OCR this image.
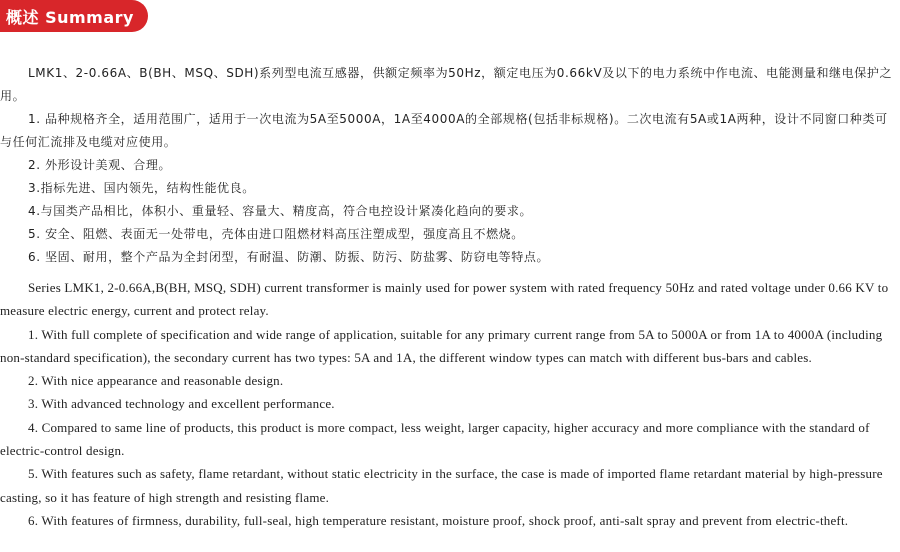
概述 Summary

LMK1、2-0.66A、B(BH、MSQ、SDH)系列型电流互感器，供额定频率为50Hz，额定电压为0.66kV及以下的电力系统中作电流、电能测量和继电保护之用。

1. 品种规格齐全，适用范围广，适用于一次电流为5A至5000A，1A至4000A的全部规格(包括非标规格)。二次电流有5A或1A两种，设计不同窗口种类可与任何汇流排及电缆对应使用。

2. 外形设计美观、合理。

3.指标先进、国内领先，结构性能优良。

4.与国类产品相比，体积小、重量轻、容量大、精度高，符合电控设计紧凑化趋向的要求。

5. 安全、阻燃、表面无一处带电，壳体由进口阻燃材料高压注塑成型，强度高且不燃烧。

6. 坚固、耐用，整个产品为全封闭型，有耐温、防潮、防振、防污、防盐雾、防窃电等特点。

Series LMK1, 2-0.66A,B(BH, MSQ, SDH) current transformer is mainly used for power system with rated frequency 50Hz and rated voltage under 0.66 KV to measure electric energy, current and protect relay.

1. With full complete of specification and wide range of application, suitable for any primary current range from 5A to 5000A or from 1A to 4000A (including non-standard specification), the secondary current has two types: 5A and 1A, the different window types can match with different bus-bars and cables.

2. With nice appearance and reasonable design.

3. With advanced technology and excellent performance.

4. Compared to same line of products, this product is more compact, less weight, larger capacity, higher accuracy and more compliance with the standard of electric-control design.

5. With features such as safety, flame retardant, without static electricity in the surface, the case is made of imported flame retardant material by high-pressure casting, so it has feature of high strength and resisting flame.

6. With features of firmness, durability, full-seal, high temperature resistant, moisture proof, shock proof, anti-salt spray and prevent from electric-theft.
